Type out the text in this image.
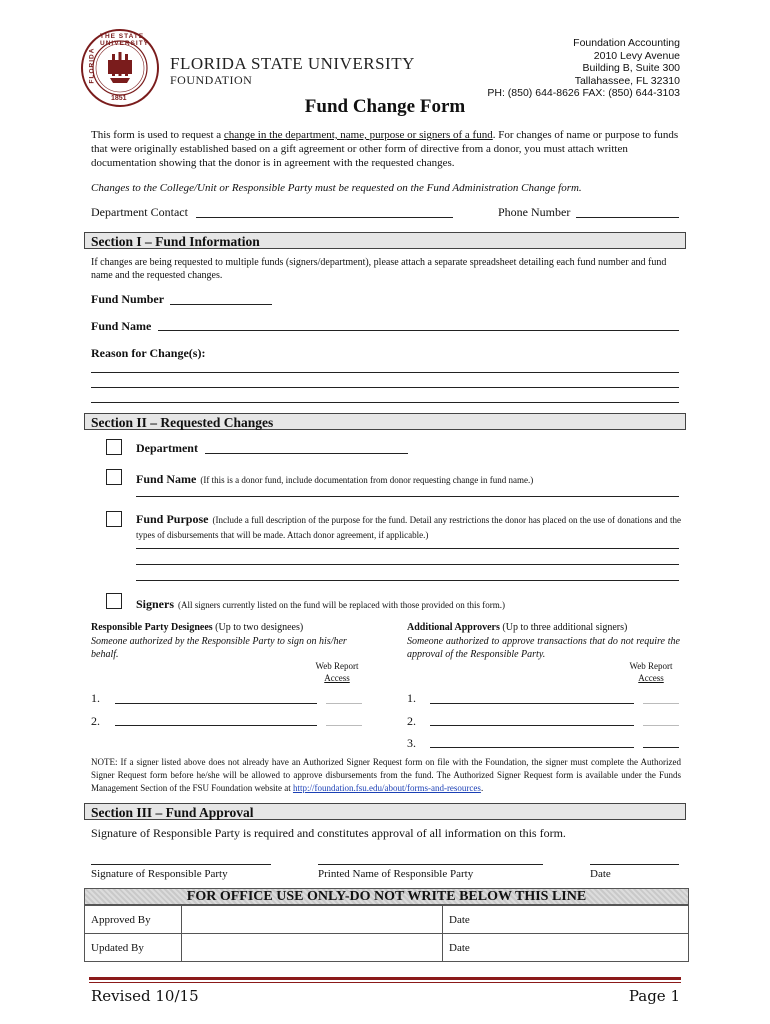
THE STATE UNIVERSITY
FLORIDA
1851
FLORIDA STATE UNIVERSITY
FOUNDATION
Foundation Accounting
2010 Levy Avenue
Building B, Suite 300
Tallahassee, FL 32310
PH: (850) 644-8626 FAX: (850) 644-3103
Fund Change Form
This form is used to request a change in the department, name, purpose or signers of a fund. For changes of name or purpose to funds that were originally established based on a gift agreement or other form of directive from a donor, you must attach written documentation showing that the donor is in agreement with the requested changes.
Changes to the College/Unit or Responsible Party must be requested on the Fund Administration Change form.
Department Contact	Phone Number
Section I – Fund Information
If changes are being requested to multiple funds (signers/department), please attach a separate spreadsheet detailing each fund number and fund name and the requested changes.
Fund Number
Fund Name
Reason for Change(s):
Section II – Requested Changes
Department
Fund Name (If this is a donor fund, include documentation from donor requesting change in fund name.)
Fund Purpose (Include a full description of the purpose for the fund. Detail any restrictions the donor has placed on the use of donations and the types of disbursements that will be made. Attach donor agreement, if applicable.)
Signers (All signers currently listed on the fund will be replaced with those provided on this form.)
Responsible Party Designees (Up to two designees)
Someone authorized by the Responsible Party to sign on his/her behalf.
Web Report
Access
1.
2.
Additional Approvers (Up to three additional signers)
Someone authorized to approve transactions that do not require the approval of the Responsible Party.
Web Report
Access
1.
2.
3.
NOTE: If a signer listed above does not already have an Authorized Signer Request form on file with the Foundation, the signer must complete the Authorized Signer Request form before he/she will be allowed to approve disbursements from the fund. The Authorized Signer Request form is available under the Funds Management Section of the FSU Foundation website at http://foundation.fsu.edu/about/forms-and-resources.
Section III – Fund Approval
Signature of Responsible Party is required and constitutes approval of all information on this form.
Signature of Responsible Party	Printed Name of Responsible Party	Date
FOR OFFICE USE ONLY-DO NOT WRITE BELOW THIS LINE
Approved By		Date
Updated By		Date
Revised 10/15	Page 1
